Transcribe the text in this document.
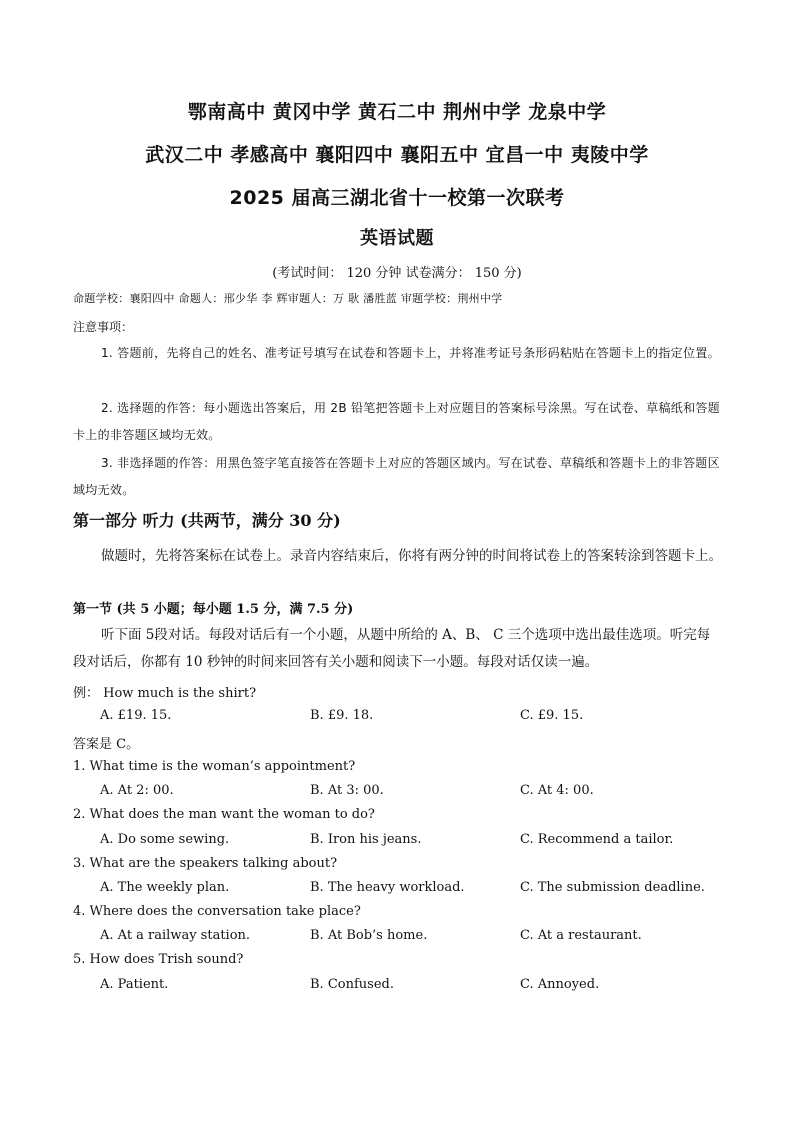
鄂南高中 黄冈中学 黄石二中 荆州中学 龙泉中学
武汉二中 孝感高中 襄阳四中 襄阳五中 宜昌一中 夷陵中学
2025 届高三湖北省十一校第一次联考
英语试题
(考试时间： 120 分钟 试卷满分： 150 分)
命题学校：襄阳四中 命题人：邢少华 李 辉审题人：万 耿 潘胜蓝 审题学校：荆州中学
注意事项：
1. 答题前，先将自己的姓名、准考证号填写在试卷和答题卡上，并将准考证号条形码粘贴在答题卡上的指定位置。
2. 选择题的作答：每小题选出答案后，用 2B 铅笔把答题卡上对应题目的答案标号涂黑。写在试卷、草稿纸和答题卡上的非答题区域均无效。
3. 非选择题的作答：用黑色签字笔直接答在答题卡上对应的答题区域内。写在试卷、草稿纸和答题卡上的非答题区域均无效。
第一部分 听力 (共两节，满分 30 分)
做题时，先将答案标在试卷上。录音内容结束后，你将有两分钟的时间将试卷上的答案转涂到答题卡上。
第一节 (共 5 小题；每小题 1.5 分，满 7.5 分)
听下面 5段对话。每段对话后有一个小题，从题中所给的 A、B、 C 三个选项中选出最佳选项。听完每段对话后，你都有 10 秒钟的时间来回答有关小题和阅读下一小题。每段对话仅读一遍。
例： How much is the shirt?
A. £19. 15.	B. £9. 18.	C. £9. 15.
答案是 C。
1. What time is the woman’s appointment?
A. At 2: 00.	B. At 3: 00.	C. At 4: 00.
2. What does the man want the woman to do?
A. Do some sewing.	B. Iron his jeans.	C. Recommend a tailor.
3. What are the speakers talking about?
A. The weekly plan.	B. The heavy workload.	C. The submission deadline.
4. Where does the conversation take place?
A. At a railway station.	B. At Bob’s home.	C. At a restaurant.
5. How does Trish sound?
A. Patient.	B. Confused.	C. Annoyed.
